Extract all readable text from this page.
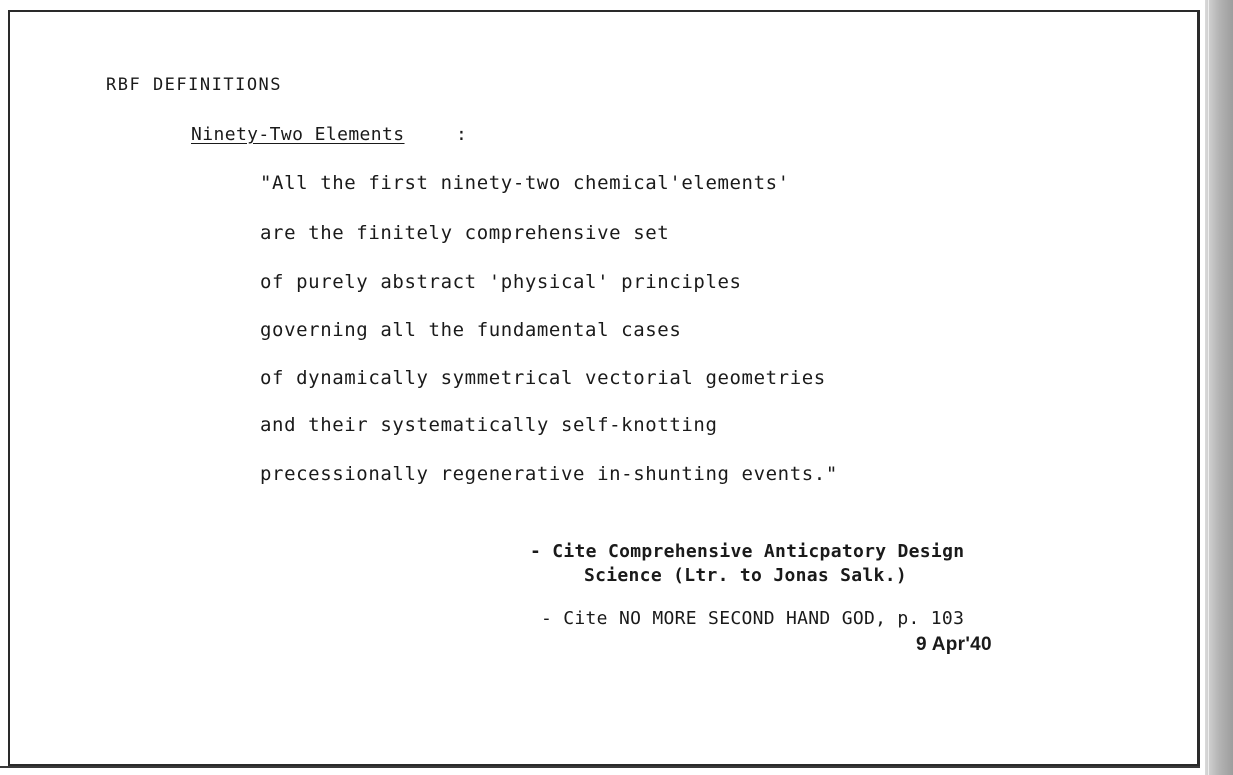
RBF DEFINITIONS
Ninety-Two Elements	:
"All the first ninety-two chemical'elements'
are the finitely comprehensive set
of purely abstract 'physical' principles
governing all the fundamental cases
of dynamically symmetrical vectorial geometries
and their systematically self-knotting
precessionally regenerative in-shunting events."
- Cite Comprehensive Anticpatory Design
Science (Ltr. to Jonas Salk.)
- Cite NO MORE SECOND HAND GOD, p. 103
9 Apr'40
